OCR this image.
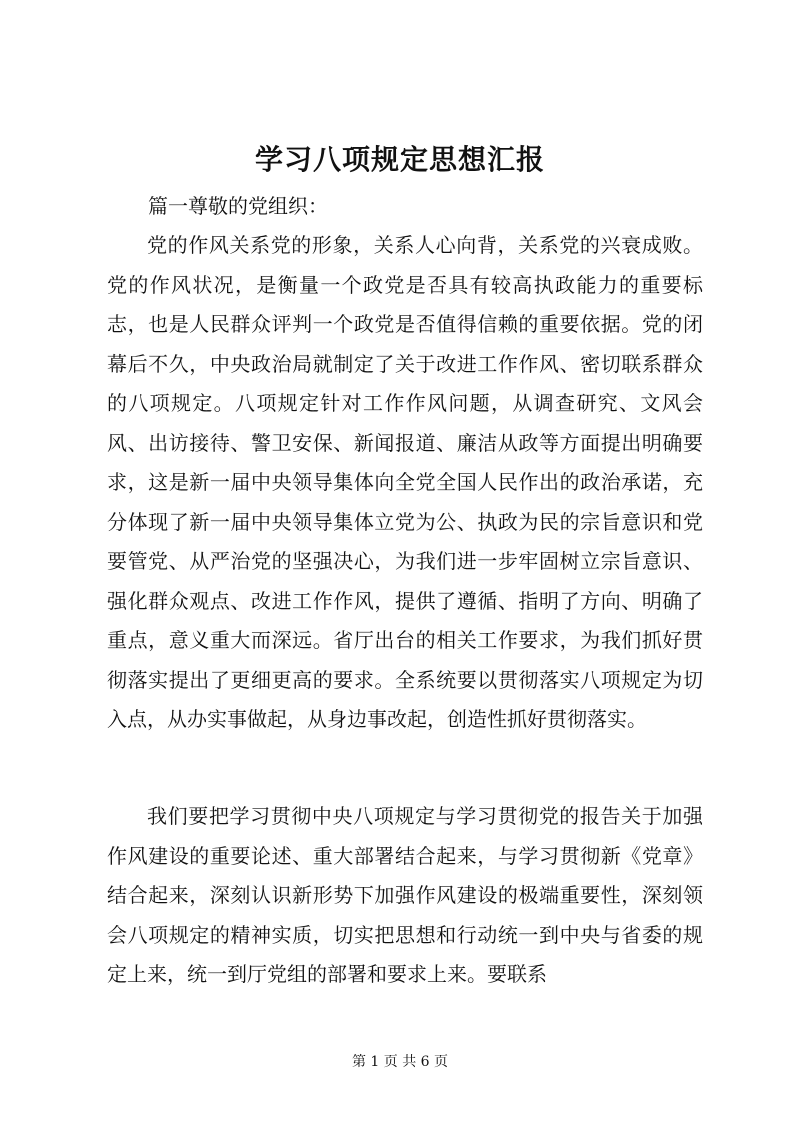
学习八项规定思想汇报

篇一尊敬的党组织：

党的作风关系党的形象，关系人心向背，关系党的兴衰成败。党的作风状况，是衡量一个政党是否具有较高执政能力的重要标志，也是人民群众评判一个政党是否值得信赖的重要依据。党的闭幕后不久，中央政治局就制定了关于改进工作作风、密切联系群众的八项规定。八项规定针对工作作风问题，从调查研究、文风会风、出访接待、警卫安保、新闻报道、廉洁从政等方面提出明确要求，这是新一届中央领导集体向全党全国人民作出的政治承诺，充分体现了新一届中央领导集体立党为公、执政为民的宗旨意识和党要管党、从严治党的坚强决心，为我们进一步牢固树立宗旨意识、强化群众观点、改进工作作风，提供了遵循、指明了方向、明确了重点，意义重大而深远。省厅出台的相关工作要求，为我们抓好贯彻落实提出了更细更高的要求。全系统要以贯彻落实八项规定为切入点，从办实事做起，从身边事改起，创造性抓好贯彻落实。

我们要把学习贯彻中央八项规定与学习贯彻党的报告关于加强作风建设的重要论述、重大部署结合起来，与学习贯彻新《党章》结合起来，深刻认识新形势下加强作风建设的极端重要性，深刻领会八项规定的精神实质，切实把思想和行动统一到中央与省委的规定上来，统一到厅党组的部署和要求上来。要联系

第 1 页 共 6 页
